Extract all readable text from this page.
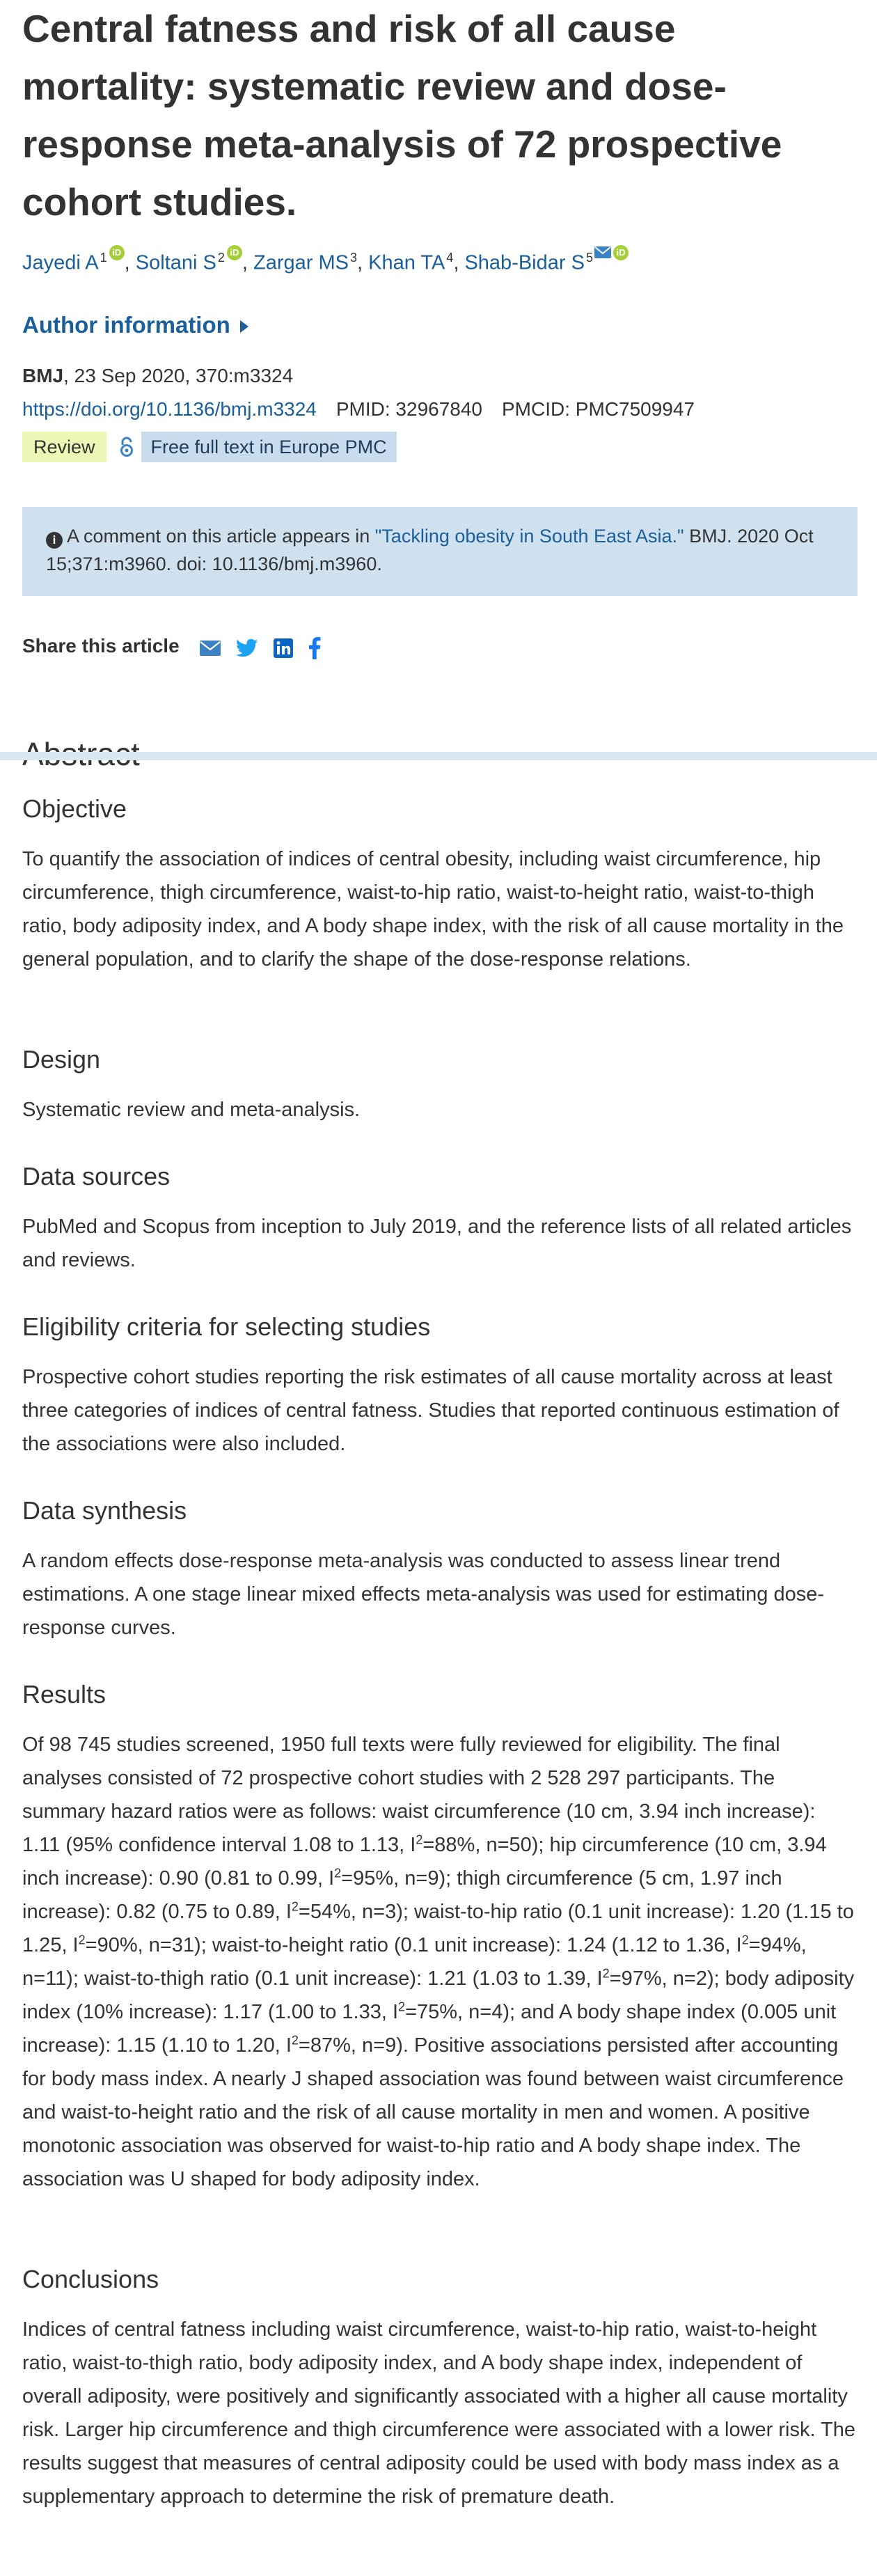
Central fatness and risk of all cause mortality: systematic review and dose-response meta-analysis of 72 prospective cohort studies.
Jayedi A $^1$ iD , Soltani S $^2$ iD , Zargar MS $^3$, Khan TA $^4$, Shab-Bidar S $^5$	iD
Author information
BMJ, 23 Sep 2020, 370:m3324
https://doi.org/10.1136/bmj.m3324 PMID: 32967840 PMCID: PMC7509947
Review	Free full text in Europe PMC
i A comment on this article appears in "Tackling obesity in South East Asia." BMJ. 2020 Oct 15;371:m3960. doi: 10.1136/bmj.m3960.
Share this article
Objective

To quantify the association of indices of central obesity, including waist circumference, hip circumference, thigh circumference, waist-to-hip ratio, waist-to-height ratio, waist-to-thigh ratio, body adiposity index, and A body shape index, with the risk of all cause mortality in the general population, and to clarify the shape of the dose-response relations.

Design

Systematic review and meta-analysis.

Data sources

PubMed and Scopus from inception to July 2019, and the reference lists of all related articles and reviews.

Eligibility criteria for selecting studies

Prospective cohort studies reporting the risk estimates of all cause mortality across at least three categories of indices of central fatness. Studies that reported continuous estimation of the associations were also included.

Data synthesis

A random effects dose-response meta-analysis was conducted to assess linear trend estimations. A one stage linear mixed effects meta-analysis was used for estimating dose-response curves.

Results

Of 98 745 studies screened, 1950 full texts were fully reviewed for eligibility. The final analyses consisted of 72 prospective cohort studies with 2 528 297 participants. The summary hazard ratios were as follows: waist circumference (10 cm, 3.94 inch increase): 1.11 (95% confidence interval 1.08 to 1.13, $I^2=88\%$, n=50); hip circumference (10 cm, 3.94 inch increase): 0.90 (0.81 to 0.99, $I^2=95\%$, n=9); thigh circumference (5 cm, 1.97 inch increase): 0.82 (0.75 to 0.89, $I^2=54\%$, n=3); waist-to-hip ratio (0.1 unit increase): 1.20 (1.15 to 1.25, $I^2=90\%$, n=31); waist-to-height ratio (0.1 unit increase): 1.24 (1.12 to 1.36, $I^2=94\%$, n=11); waist-to-thigh ratio (0.1 unit increase): 1.21 (1.03 to 1.39, $I^2=97\%$, n=2); body adiposity index (10% increase): 1.17 (1.00 to 1.33, $I^2=75\%$, n=4); and A body shape index (0.005 unit increase): 1.15 (1.10 to 1.20, $I^2=87\%$, n=9). Positive associations persisted after accounting for body mass index. A nearly J shaped association was found between waist circumference and waist-to-height ratio and the risk of all cause mortality in men and women. A positive monotonic association was observed for waist-to-hip ratio and A body shape index. The association was U shaped for body adiposity index.

Conclusions

Indices of central fatness including waist circumference, waist-to-hip ratio, waist-to-height ratio, waist-to-thigh ratio, body adiposity index, and A body shape index, independent of overall adiposity, were positively and significantly associated with a higher all cause mortality risk. Larger hip circumference and thigh circumference were associated with a lower risk. The results suggest that measures of central adiposity could be used with body mass index as a supplementary approach to determine the risk of premature death.
